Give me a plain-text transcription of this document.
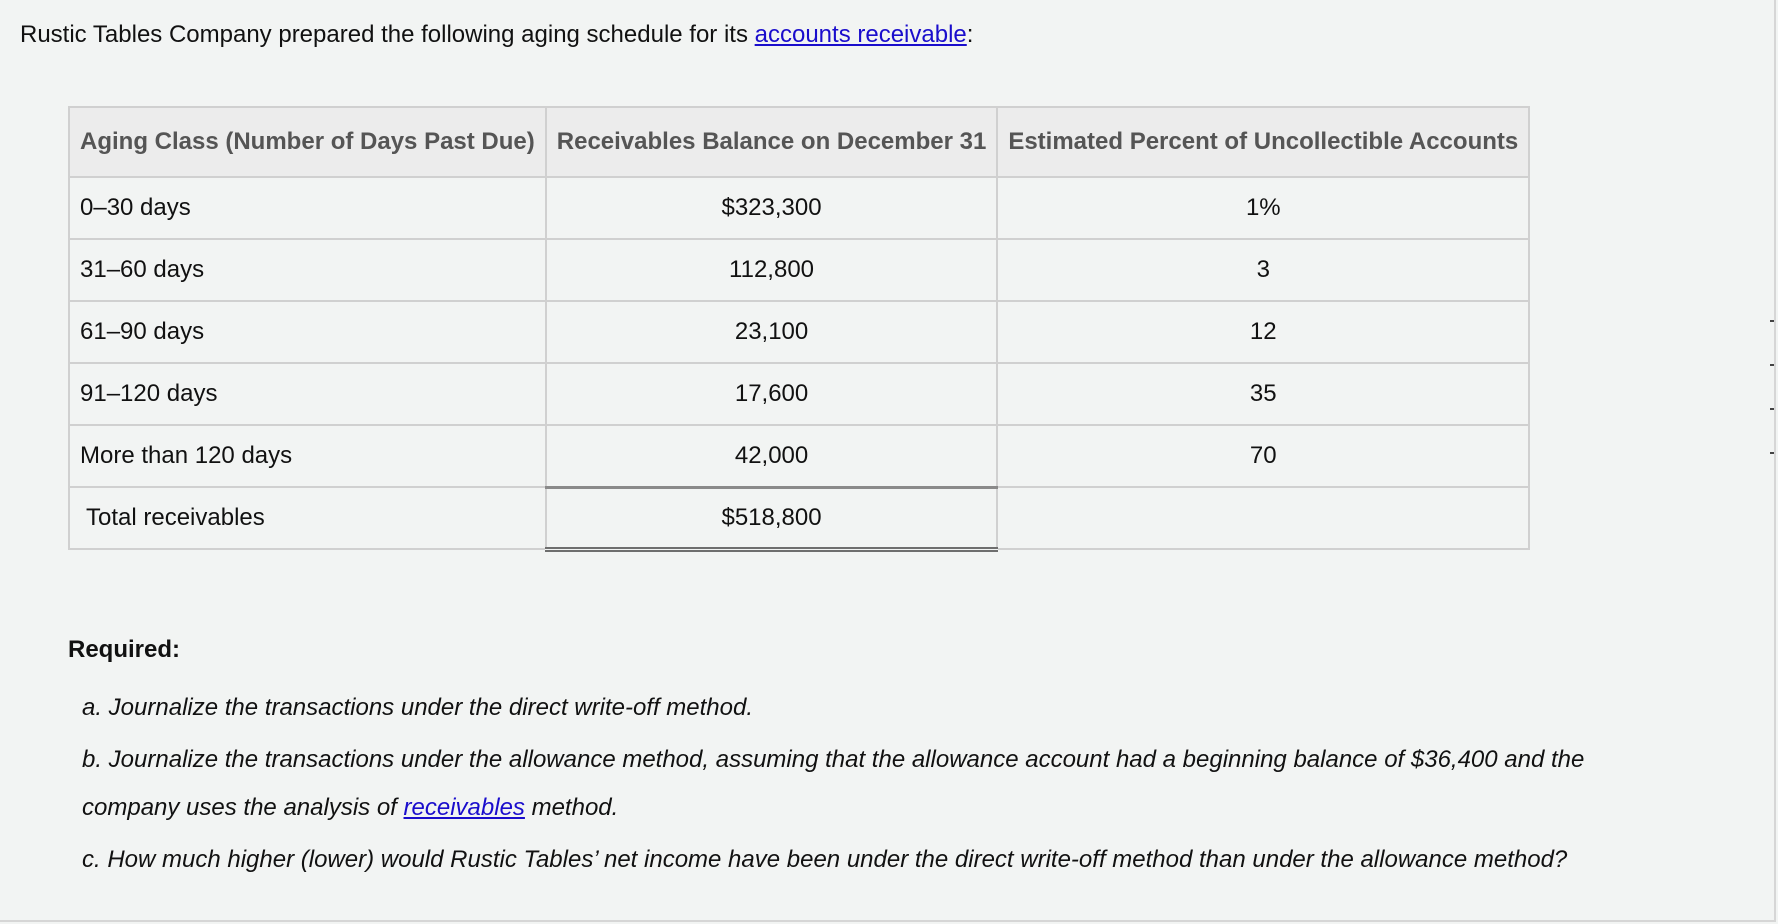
Rustic Tables Company prepared the following aging schedule for its accounts receivable:
Aging Class (Number of Days Past Due)	Receivables Balance on December 31	Estimated Percent of Uncollectible Accounts
0–30 days	$323,300	1%
31–60 days	112,800	3
61–90 days	23,100	12
91–120 days	17,600	35
More than 120 days	42,000	70
Total receivables	$518,800	
Required:

a. Journalize the transactions under the direct write-off method.

b. Journalize the transactions under the allowance method, assuming that the allowance account had a beginning balance of $36,400 and the company uses the analysis of receivables method.

c. How much higher (lower) would Rustic Tables’ net income have been under the direct write-off method than under the allowance method?
